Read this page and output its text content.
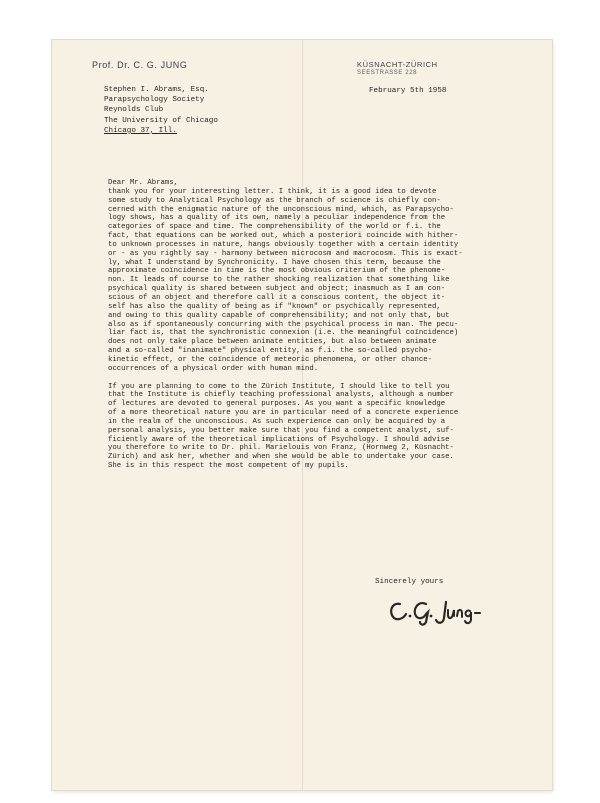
Prof. Dr. C. G. JUNG	KÜSNACHT-ZÜRICH
SEESTRASSE 228
Stephen I. Abrams, Esq.
Parapsychology Society
Reynolds Club
The University of Chicago
Chicago 37, Ill.
February 5th 1958
Dear Mr. Abrams,
thank you for your interesting letter. I think, it is a good idea to devote
some study to Analytical Psychology as the branch of science is chiefly con-
cerned with the enigmatic nature of the unconscious mind, which, as Parapsycho-
logy shows, has a quality of its own, namely a peculiar independence from the
categories of space and time. The comprehensibility of the world or f.i. the
fact, that equations can be worked out, which a posteriori coincide with hither-
to unknown processes in nature, hangs obviously together with a certain identity
or - as you rightly say - harmony between microcosm and macrocosm. This is exact-
ly, what I understand by Synchronicity. I have chosen this term, because the
approximate coïncidence in time is the most obvious criterium of the phenome-
non. It leads of course to the rather shocking realization that something like
psychical quality is shared between subject and object; inasmuch as I am con-
scious of an object and therefore call it a conscious content, the object it-
self has also the quality of being as if "known" or psychically represented,
and owing to this quality capable of comprehensibility; and not only that, but
also as if spontaneously concurring with the psychical process in man. The pecu-
liar fact is, that the synchronistic connexion (i.e. the meaningful coïncidence)
does not only take place between animate entities, but also between animate
and a so-called "inanimate" physical entity, as f.i. the so-called psycho-
kinetic effect, or the coïncidence of meteoric phenomena, or other chance-
occurrences of a physical order with human mind.
If you are planning to come to the Zürich Institute, I should like to tell you
that the Institute is chiefly teaching professional analysts, although a number
of lectures are devoted to general purposes. As you want a specific knowledge
of a more theoretical nature you are in particular need of a concrete experience
in the realm of the unconscious. As such experience can only be acquired by a
personal analysis, you better make sure that you find a competent analyst, suf-
ficiently aware of the theoretical implications of Psychology. I should advise
you therefore to write to Dr. phil. Marielouis von Franz, (Hornweg 2, Küsnacht-
Zürich) and ask her, whether and when she would be able to undertake your case.
She is in this respect the most competent of my pupils.
Sincerely yours
